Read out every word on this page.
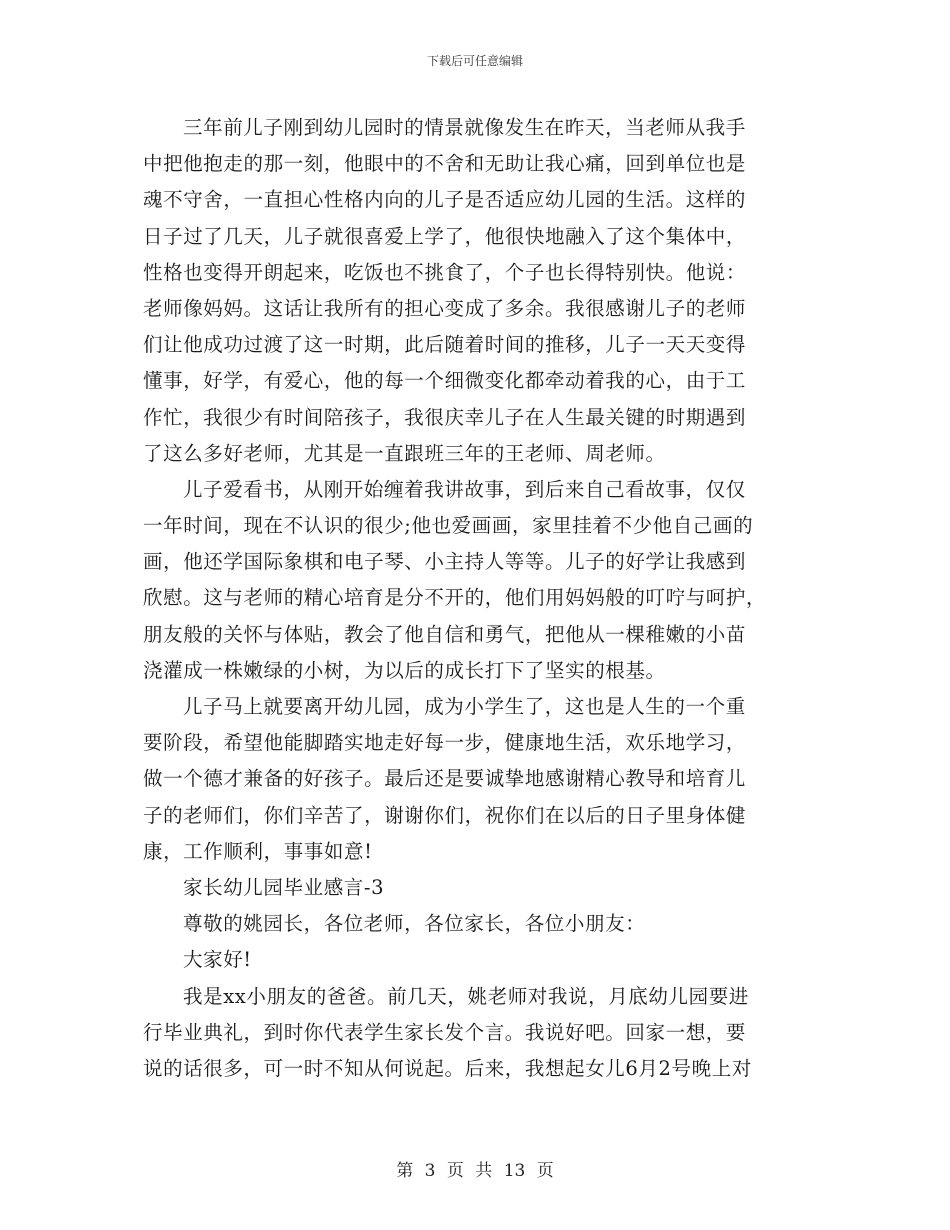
下载后可任意编辑
三年前儿子刚到幼儿园时的情景就像发生在昨天，当老师从我手
中把他抱走的那一刻，他眼中的不舍和无助让我心痛，回到单位也是
魂不守舍，一直担心性格内向的儿子是否适应幼儿园的生活。这样的
日子过了几天，儿子就很喜爱上学了，他很快地融入了这个集体中，
性格也变得开朗起来，吃饭也不挑食了，个子也长得特别快。他说：
老师像妈妈。这话让我所有的担心变成了多余。我很感谢儿子的老师
们让他成功过渡了这一时期，此后随着时间的推移，儿子一天天变得
懂事，好学，有爱心，他的每一个细微变化都牵动着我的心，由于工
作忙，我很少有时间陪孩子，我很庆幸儿子在人生最关键的时期遇到
了这么多好老师，尤其是一直跟班三年的王老师、周老师。
儿子爱看书，从刚开始缠着我讲故事，到后来自己看故事，仅仅
一年时间，现在不认识的很少;他也爱画画，家里挂着不少他自己画的
画，他还学国际象棋和电子琴、小主持人等等。儿子的好学让我感到
欣慰。这与老师的精心培育是分不开的，他们用妈妈般的叮咛与呵护，
朋友般的关怀与体贴，教会了他自信和勇气，把他从一棵稚嫩的小苗
浇灌成一株嫩绿的小树，为以后的成长打下了坚实的根基。
儿子马上就要离开幼儿园，成为小学生了，这也是人生的一个重
要阶段，希望他能脚踏实地走好每一步，健康地生活，欢乐地学习，
做一个德才兼备的好孩子。最后还是要诚挚地感谢精心教导和培育儿
子的老师们，你们辛苦了，谢谢你们，祝你们在以后的日子里身体健
康，工作顺利，事事如意!
家长幼儿园毕业感言-3
尊敬的姚园长，各位老师，各位家长，各位小朋友：
大家好!
我是xx小朋友的爸爸。前几天，姚老师对我说，月底幼儿园要进
行毕业典礼，到时你代表学生家长发个言。我说好吧。回家一想，要
说的话很多，可一时不知从何说起。后来，我想起女儿6月2号晚上对
第 3 页 共 13 页
